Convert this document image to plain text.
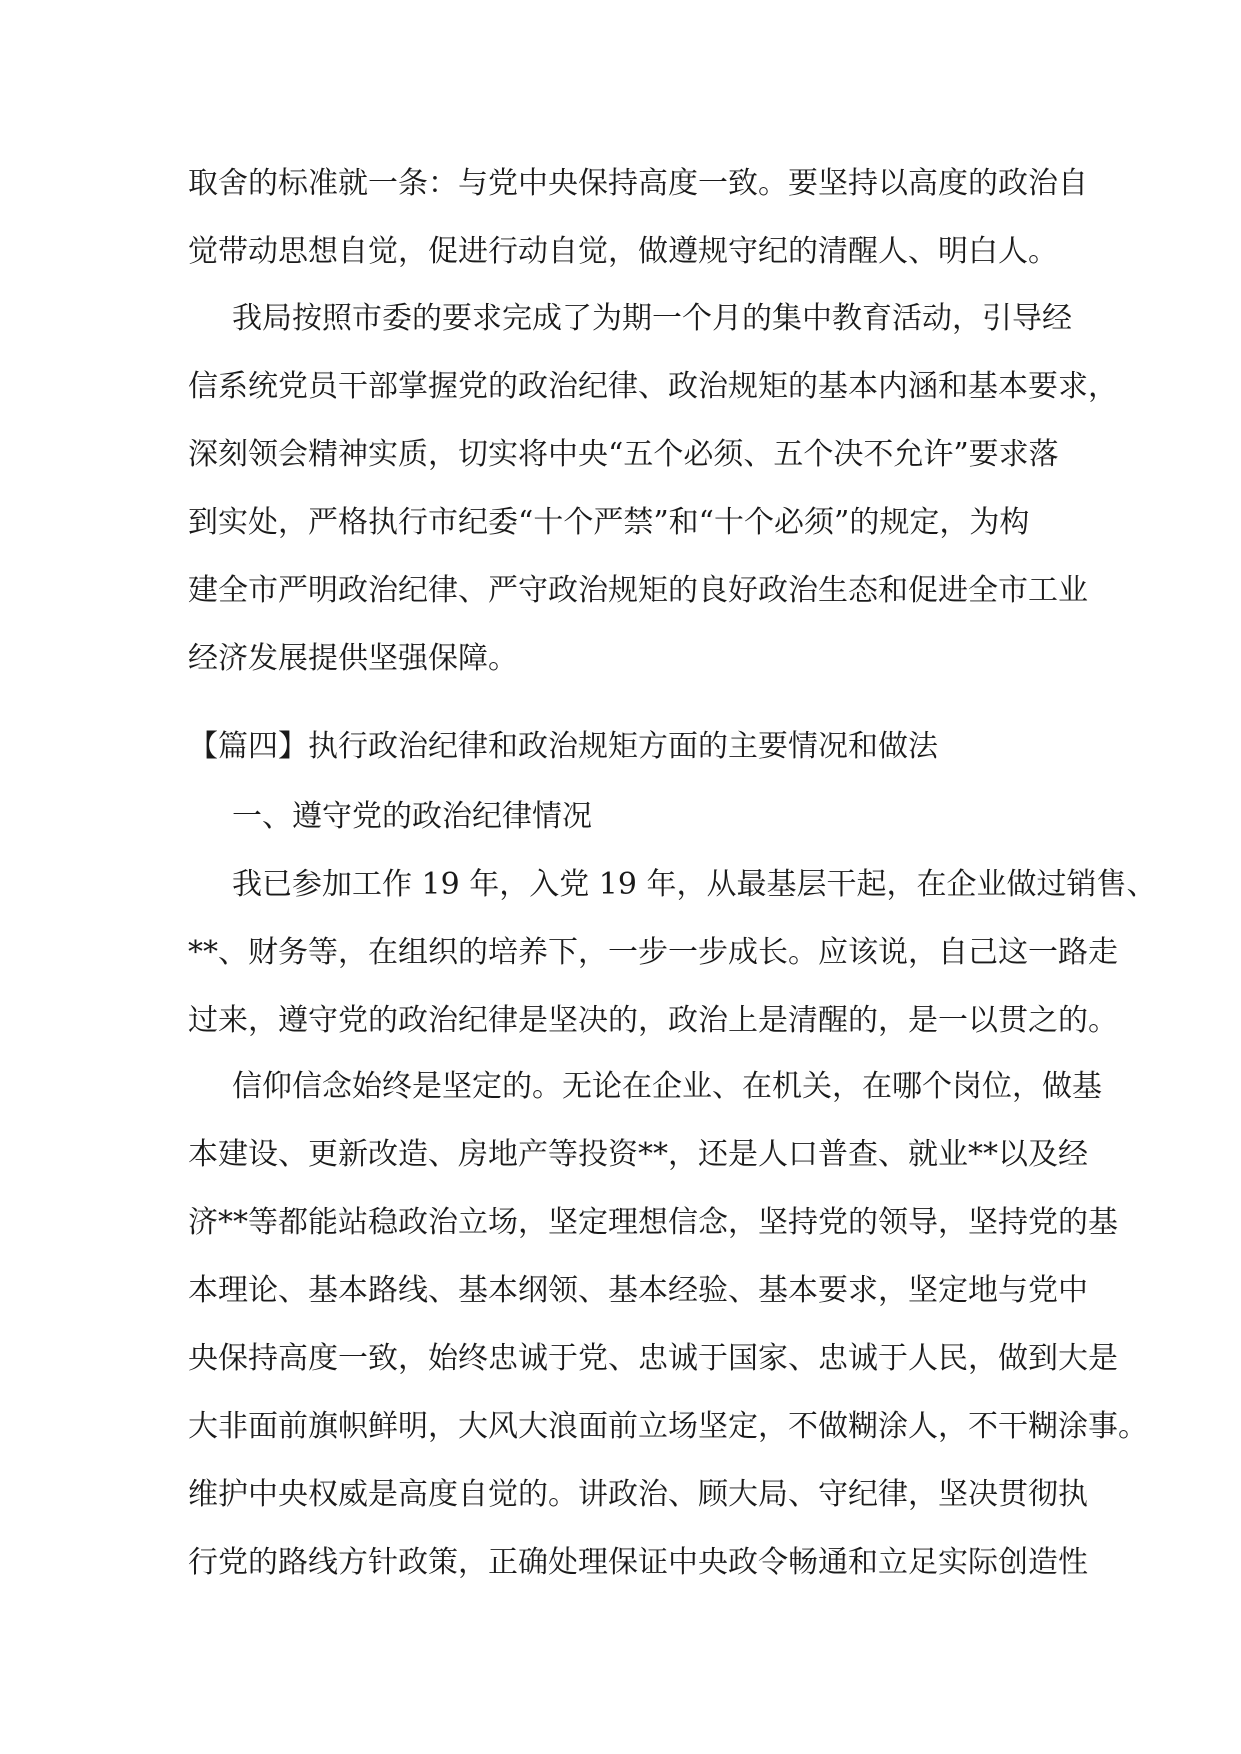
取舍的标准就一条：与党中央保持高度一致。要坚持以高度的政治自
觉带动思想自觉，促进行动自觉，做遵规守纪的清醒人、明白人。
我局按照市委的要求完成了为期一个月的集中教育活动，引导经
信系统党员干部掌握党的政治纪律、政治规矩的基本内涵和基本要求，
深刻领会精神实质，切实将中央“五个必须、五个决不允许”要求落
到实处，严格执行市纪委“十个严禁”和“十个必须”的规定，为构
建全市严明政治纪律、严守政治规矩的良好政治生态和促进全市工业
经济发展提供坚强保障。
【篇四】执行政治纪律和政治规矩方面的主要情况和做法
一、遵守党的政治纪律情况
我已参加工作 19 年，入党 19 年，从最基层干起，在企业做过销售、
**、财务等，在组织的培养下，一步一步成长。应该说，自己这一路走
过来，遵守党的政治纪律是坚决的，政治上是清醒的，是一以贯之的。
信仰信念始终是坚定的。无论在企业、在机关，在哪个岗位，做基
本建设、更新改造、房地产等投资**，还是人口普查、就业**以及经
济**等都能站稳政治立场，坚定理想信念，坚持党的领导，坚持党的基
本理论、基本路线、基本纲领、基本经验、基本要求，坚定地与党中
央保持高度一致，始终忠诚于党、忠诚于国家、忠诚于人民，做到大是
大非面前旗帜鲜明，大风大浪面前立场坚定，不做糊涂人，不干糊涂事。
维护中央权威是高度自觉的。讲政治、顾大局、守纪律，坚决贯彻执
行党的路线方针政策，正确处理保证中央政令畅通和立足实际创造性
